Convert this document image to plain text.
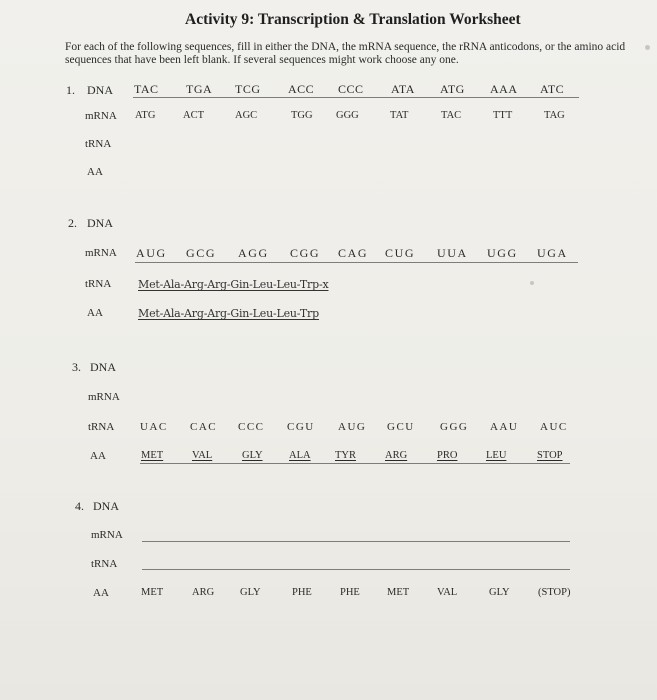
Activity 9: Transcription & Translation Worksheet
For each of the following sequences, fill in either the DNA, the mRNA sequence, the rRNA anticodons, or the amino acid
sequences that have been left blank. If several sequences might work choose any one.
1. DNA TAC TGA TCG ACC CCC ATA ATG AAA ATC
mRNA ATG	ACT	AGC	TGG GGG	TAT	TAC	TTT	TAG
tRNA
AA
2. DNA
mRNA AUG GCG AGG CGG CAG CUG UUA UGG UGA
tRNA Met-Ala-Arg-Arg-Gin-Leu-Leu-Trp-x
AA	Met-Ala-Arg-Arg-Gin-Leu-Leu-Trp
3. DNA
mRNA
tRNA UAC CAC CCC CGU AUG GCU GGG AAU AUC
AA	MET	VAL	GLY	ALA TYR	ARG	PRO	LEU	STOP
4. DNA
mRNA
tRNA
AA	MET	ARG GLY	PHE	PHE	MET	VAL	GLY	(STOP)
